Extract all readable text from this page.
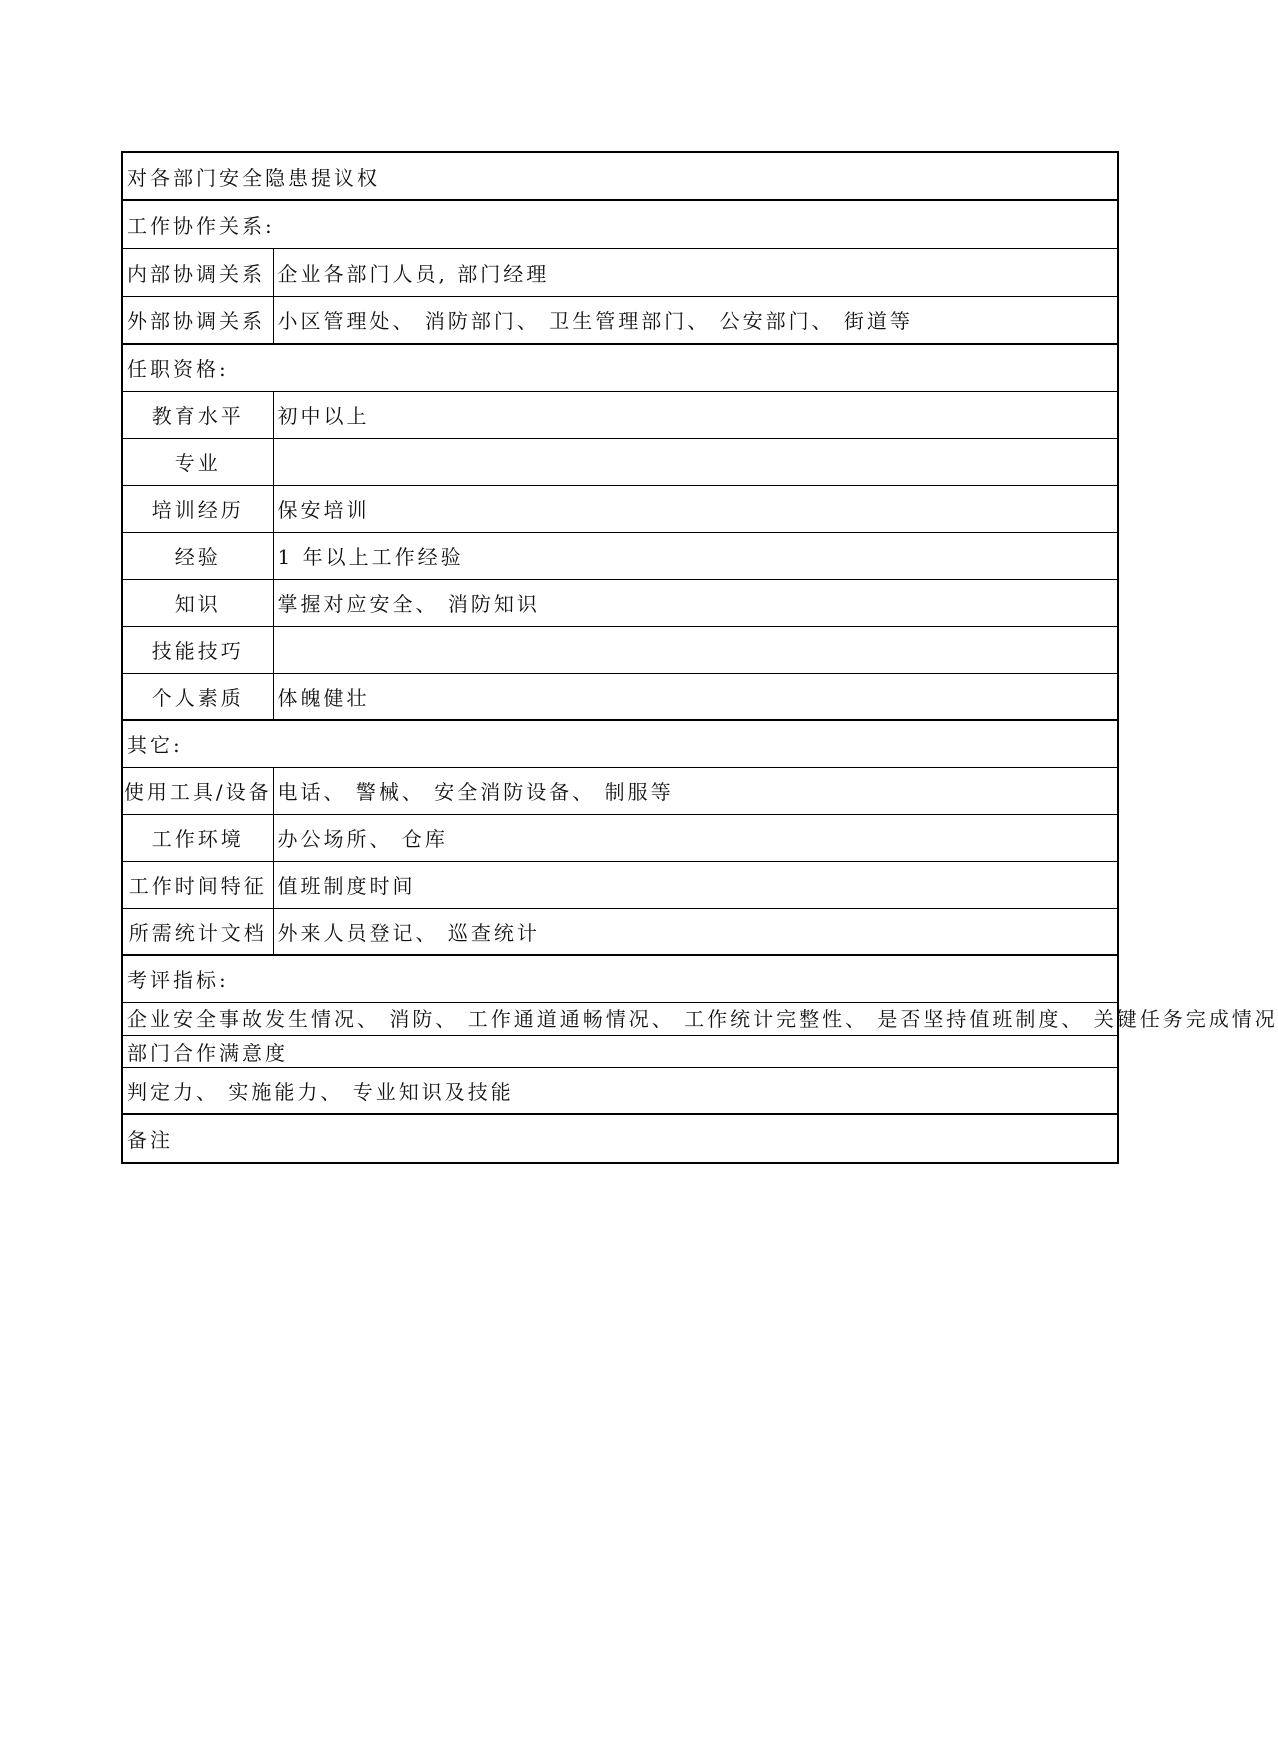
对各部门安全隐患提议权	
工作协作关系:	
内部协调关系	企业各部门人员, 部门经理
外部协调关系	小区管理处、 消防部门、 卫生管理部门、 公安部门、 街道等
任职资格:	
教育水平	初中以上
专业	
培训经历	保安培训
经验	1 年以上工作经验
知识	掌握对应安全、 消防知识
技能技巧	
个人素质	体魄健壮
其它:	
使用工具/设备	电话、 警械、 安全消防设备、 制服等
工作环境	办公场所、 仓库
工作时间特征	值班制度时间
所需统计文档	外来人员登记、 巡查统计
考评指标:	
企业安全事故发生情况、 消防、 工作通道通畅情况、 工作统计完整性、 是否坚持值班制度、 关键任务完成情况	
部门合作满意度	
判定力、 实施能力、 专业知识及技能	
备注	
